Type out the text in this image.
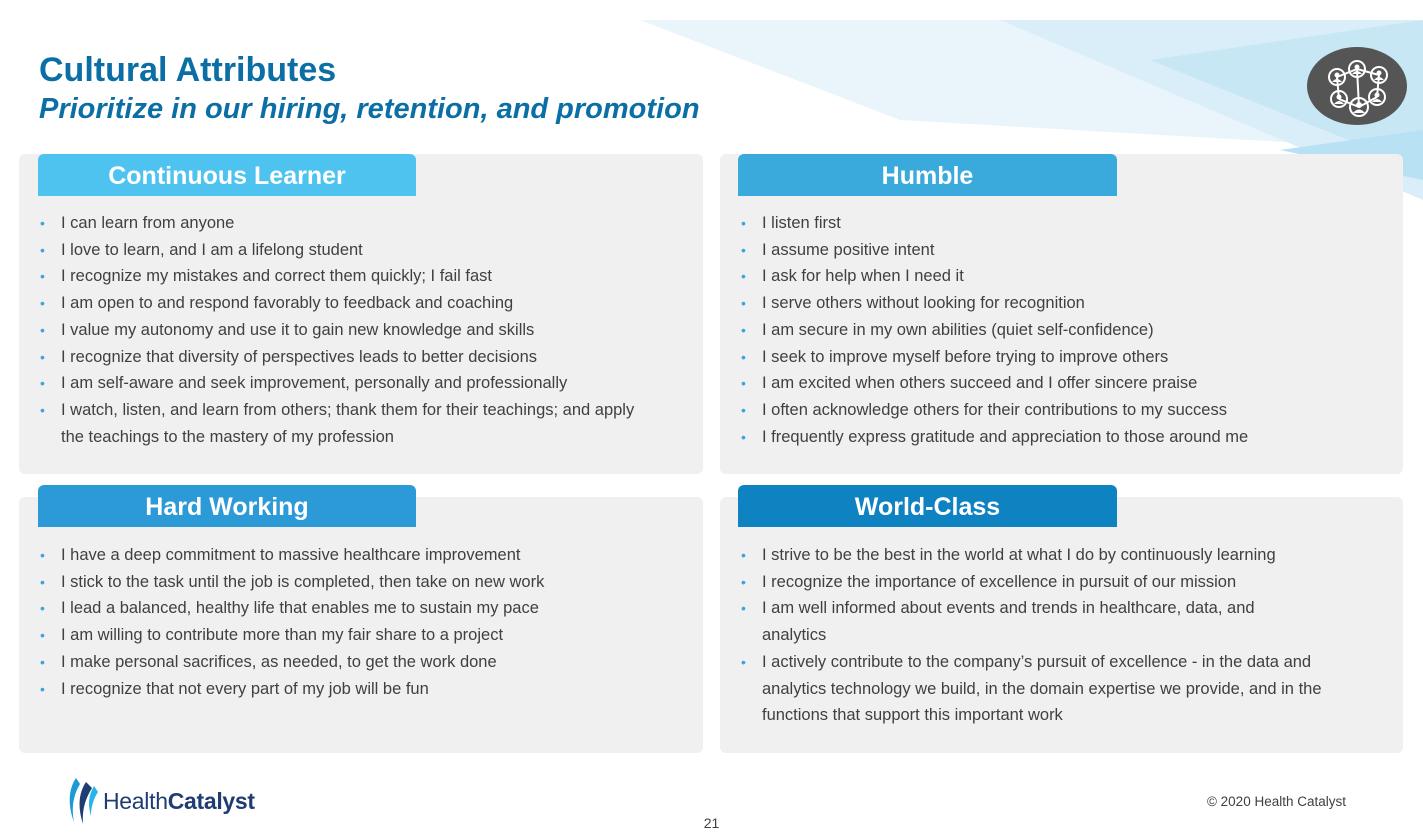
Cultural Attributes
Prioritize in our hiring, retention, and promotion
Continuous Learner
• I can learn from anyone
• I love to learn, and I am a lifelong student
• I recognize my mistakes and correct them quickly; I fail fast
• I am open to and respond favorably to feedback and coaching
• I value my autonomy and use it to gain new knowledge and skills
• I recognize that diversity of perspectives leads to better decisions
• I am self-aware and seek improvement, personally and professionally
• I watch, listen, and learn from others; thank them for their teachings; and apply the teachings to the mastery of my profession
Humble
• I listen first
• I assume positive intent
• I ask for help when I need it
• I serve others without looking for recognition
• I am secure in my own abilities (quiet self-confidence)
• I seek to improve myself before trying to improve others
• I am excited when others succeed and I offer sincere praise
• I often acknowledge others for their contributions to my success
• I frequently express gratitude and appreciation to those around me
Hard Working
• I have a deep commitment to massive healthcare improvement
• I stick to the task until the job is completed, then take on new work
• I lead a balanced, healthy life that enables me to sustain my pace
• I am willing to contribute more than my fair share to a project
• I make personal sacrifices, as needed, to get the work done
• I recognize that not every part of my job will be fun
World-Class
• I strive to be the best in the world at what I do by continuously learning
• I recognize the importance of excellence in pursuit of our mission
• I am well informed about events and trends in healthcare, data, and analytics
• I actively contribute to the company’s pursuit of excellence - in the data and analytics technology we build, in the domain expertise we provide, and in the functions that support this important work
HealthCatalyst
21
© 2020 Health Catalyst
